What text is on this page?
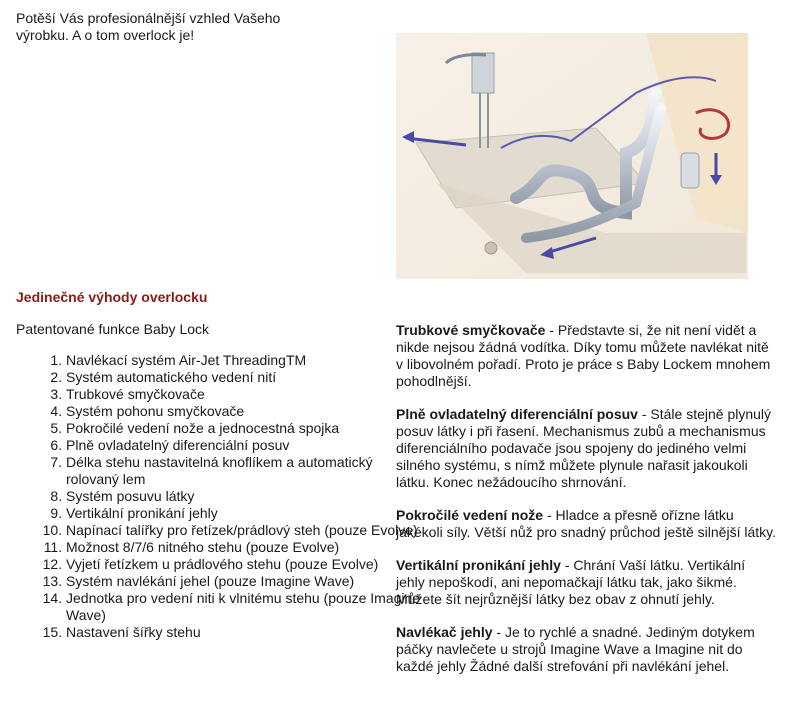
Potěší Vás profesionálnější vzhled Vašeho výrobku. A o tom overlock je!
Jedinečné výhody overlocku
Patentované funkce Baby Lock
1. Navlékací systém Air-Jet ThreadingTM
2. Systém automatického vedení nití
3. Trubkové smyčkovače
4. Systém pohonu smyčkovače
5. Pokročilé vedení nože a jednocestná spojka
6. Plně ovladatelný diferenciální posuv
7. Délka stehu nastavitelná knoflíkem a automatický rolovaný lem
8. Systém posuvu látky
9. Vertikální pronikání jehly
10. Napínací talířky pro řetízek/prádlový steh (pouze Evolve)
11. Možnost 8/7/6 nitného stehu (pouze Evolve)
12. Vyjetí řetízkem u prádlového stehu (pouze Evolve)
13. Systém navlékání jehel (pouze Imagine Wave)
14. Jednotka pro vedení niti k vlnitému stehu (pouze Imagine Wave)
15. Nastavení šířky stehu

Trubkové smyčkovače - Představte si, že nit není vidět a nikde nejsou žádná vodítka. Díky tomu můžete navlékat nitě v libovolném pořadí. Proto je práce s Baby Lockem mnohem pohodlnější.

Plně ovladatelný diferenciální posuv - Stále stejně plynulý posuv látky i při řasení. Mechanismus zubů a mechanismus diferenciálního podavače jsou spojeny do jediného velmi silného systému, s nímž můžete plynule nařasit jakoukoli látku. Konec nežádoucího shrnování.

Pokročilé vedení nože - Hladce a přesně ořízne látku jakékoli síly. Větší nůž pro snadný průchod ještě silnější látky.

Vertikální pronikání jehly - Chrání Vaší látku. Vertikální jehly nepoškodí, ani nepomačkají látku tak, jako šikmé. Můžete šít nejrůznější látky bez obav z ohnutí jehly.

Navlékač jehly - Je to rychlé a snadné. Jediným dotykem páčky navlečete u strojů Imagine Wave a Imagine nit do každé jehly Žádné další strefování při navlékání jehel.
